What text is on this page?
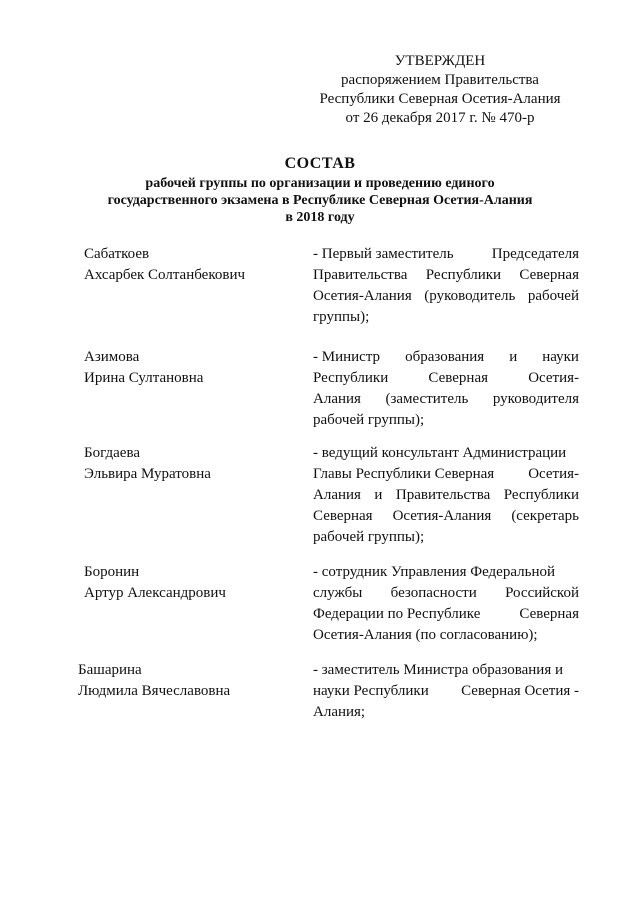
УТВЕРЖДЕН
распоряжением Правительства
Республики Северная Осетия-Алания
от 26 декабря 2017 г. № 470-р
СОСТАВ
рабочей группы по организации и проведению единого
государственного экзамена в Республике Северная Осетия-Алания
в 2018 году
Сабаткоев
Ахсарбек Солтанбекович
- Первый заместитель	Председателя
Правительства Республики Северная
Осетия-Алания (руководитель рабочей
группы);
Азимова
Ирина Султановна
- Министр образования и науки
Республики	Северная	Осетия-
Алания (заместитель руководителя
рабочей группы);
Богдаева
Эльвира Муратовна
- ведущий консультант Администрации
Главы Республики Северная Осетия-
Алания и Правительства Республики
Северная Осетия-Алания (секретарь
рабочей группы);
Боронин
Артур Александрович
- сотрудник Управления Федеральной
службы безопасности Российской
Федерации по Республике	Северная
Осетия-Алания (по согласованию);
Башарина
Людмила Вячеславовна
- заместитель Министра образования и
науки Республики Северная Осетия -
Алания;
